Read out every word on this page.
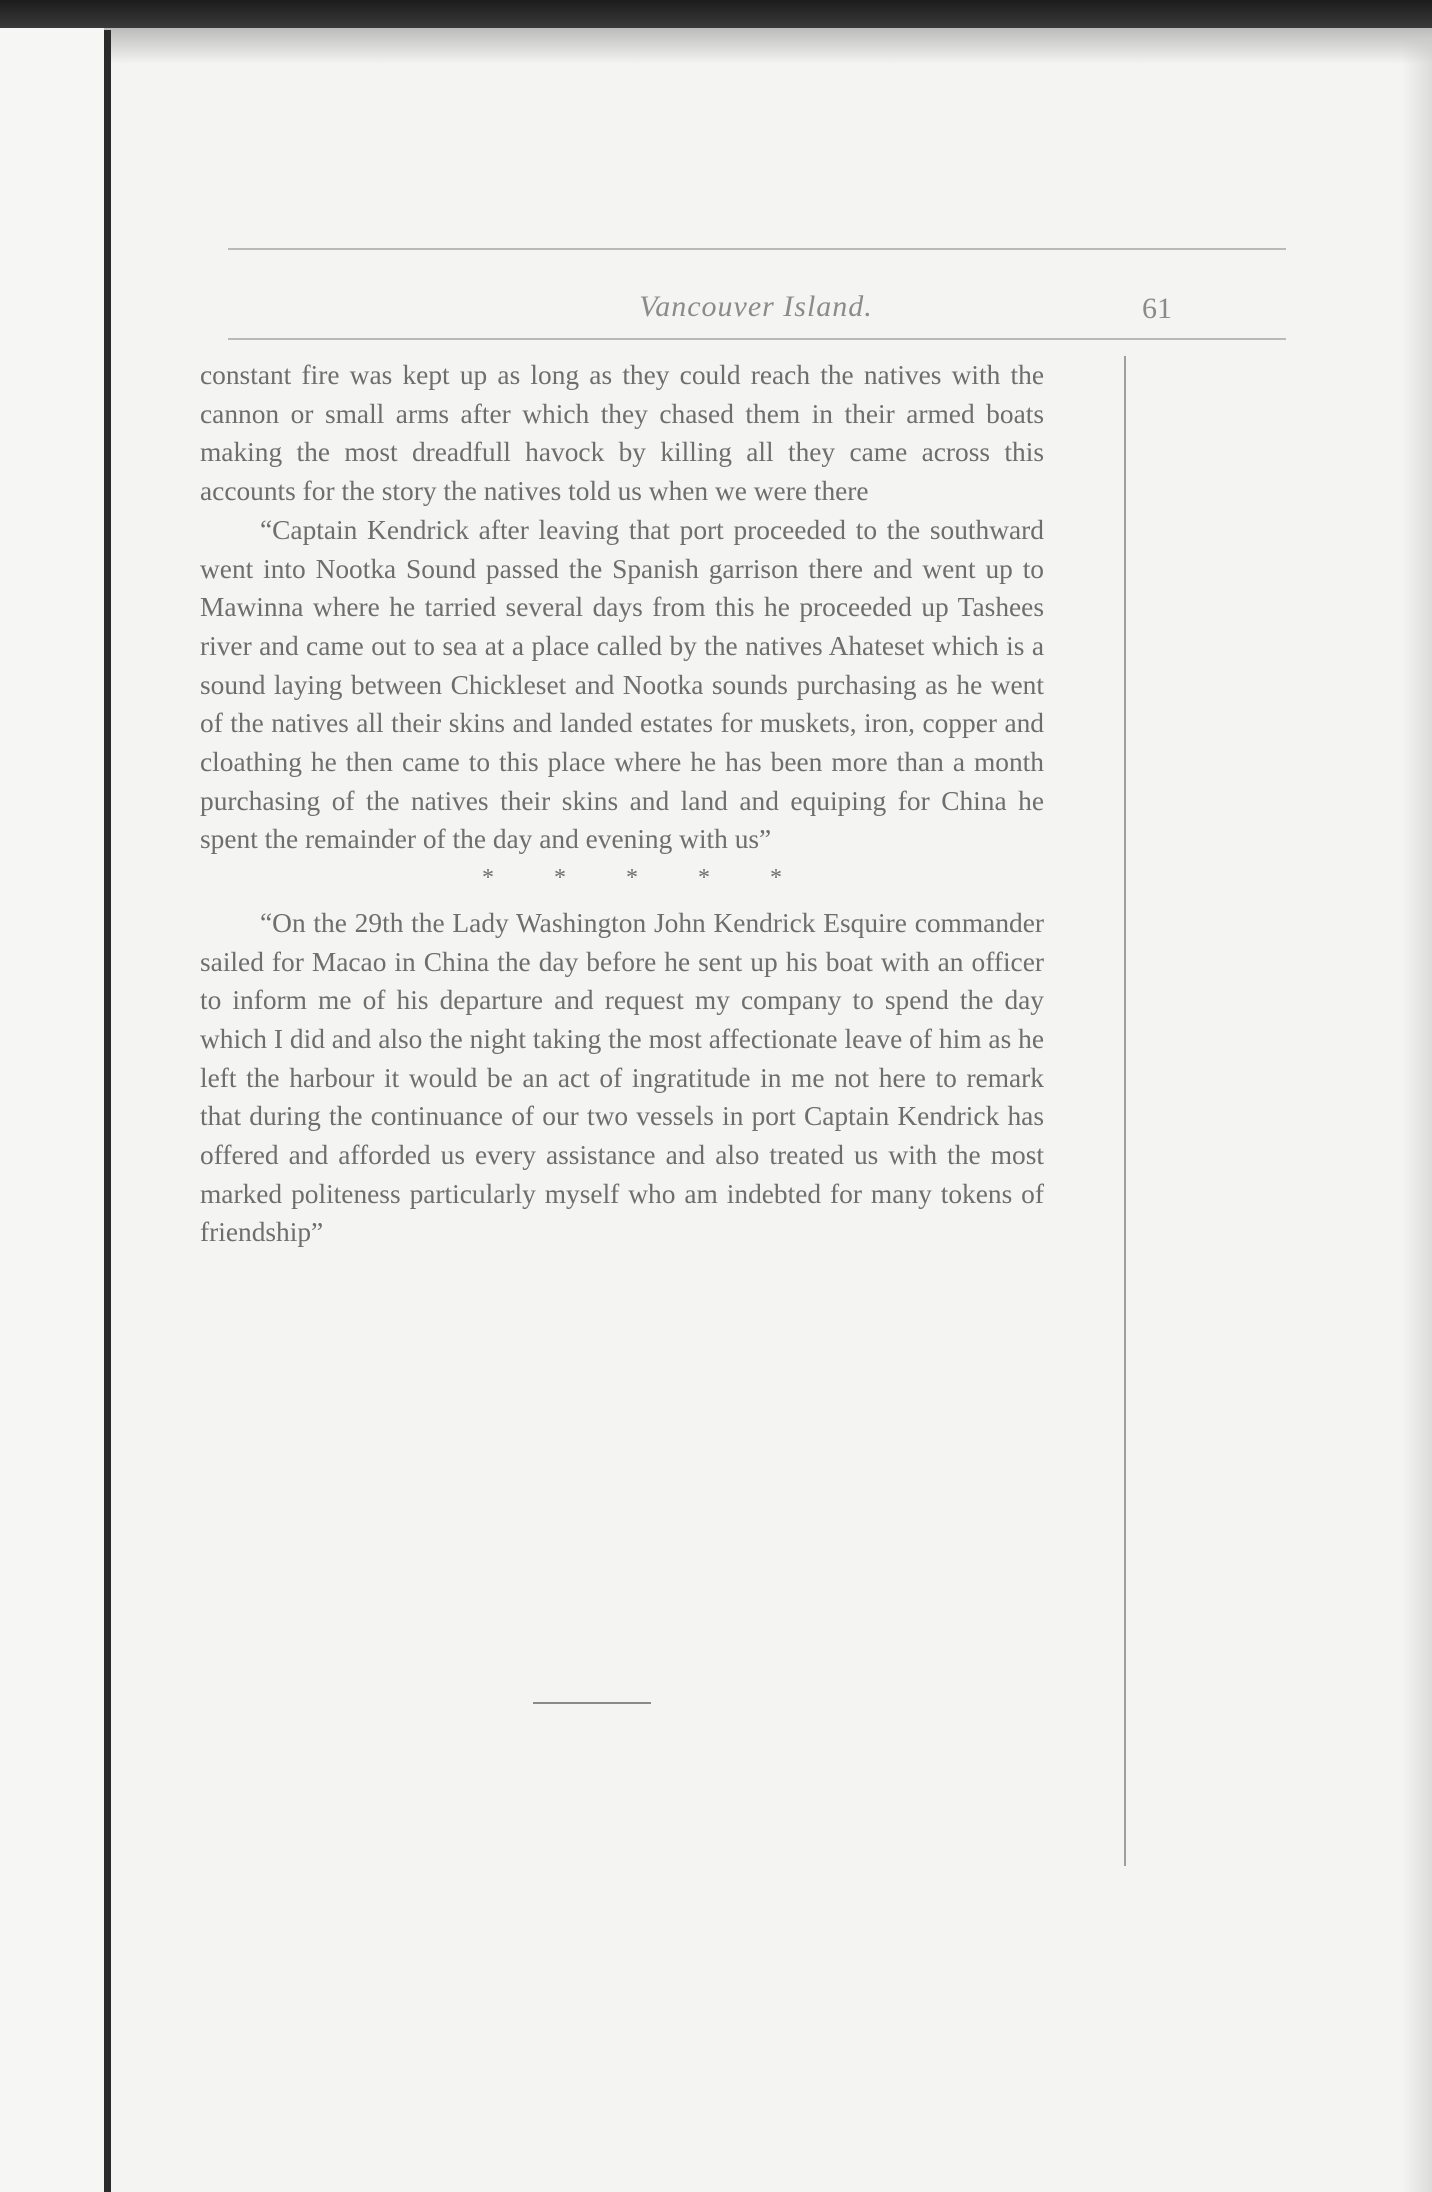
Vancouver Island.	61

constant fire was kept up as long as they could reach the natives with the cannon or small arms after which they chased them in their armed boats making the most dreadfull havock by killing all they came across this accounts for the story the natives told us when we were there

“Captain Kendrick after leaving that port proceeded to the southward went into Nootka Sound passed the Spanish garrison there and went up to Mawinna where he tarried several days from this he proceeded up Tashees river and came out to sea at a place called by the natives Ahateset which is a sound laying between Chickleset and Nootka sounds purchasing as he went of the natives all their skins and landed estates for muskets, iron, copper and cloathing he then came to this place where he has been more than a month purchasing of the natives their skins and land and equiping for China he spent the remainder of the day and evening with us”

* * * * *

“On the 29th the Lady Washington John Kendrick Esquire commander sailed for Macao in China the day before he sent up his boat with an officer to inform me of his departure and request my company to spend the day which I did and also the night taking the most affectionate leave of him as he left the harbour it would be an act of ingratitude in me not here to remark that during the continuance of our two vessels in port Captain Kendrick has offered and afforded us every assistance and also treated us with the most marked politeness particularly myself who am indebted for many tokens of friendship”
